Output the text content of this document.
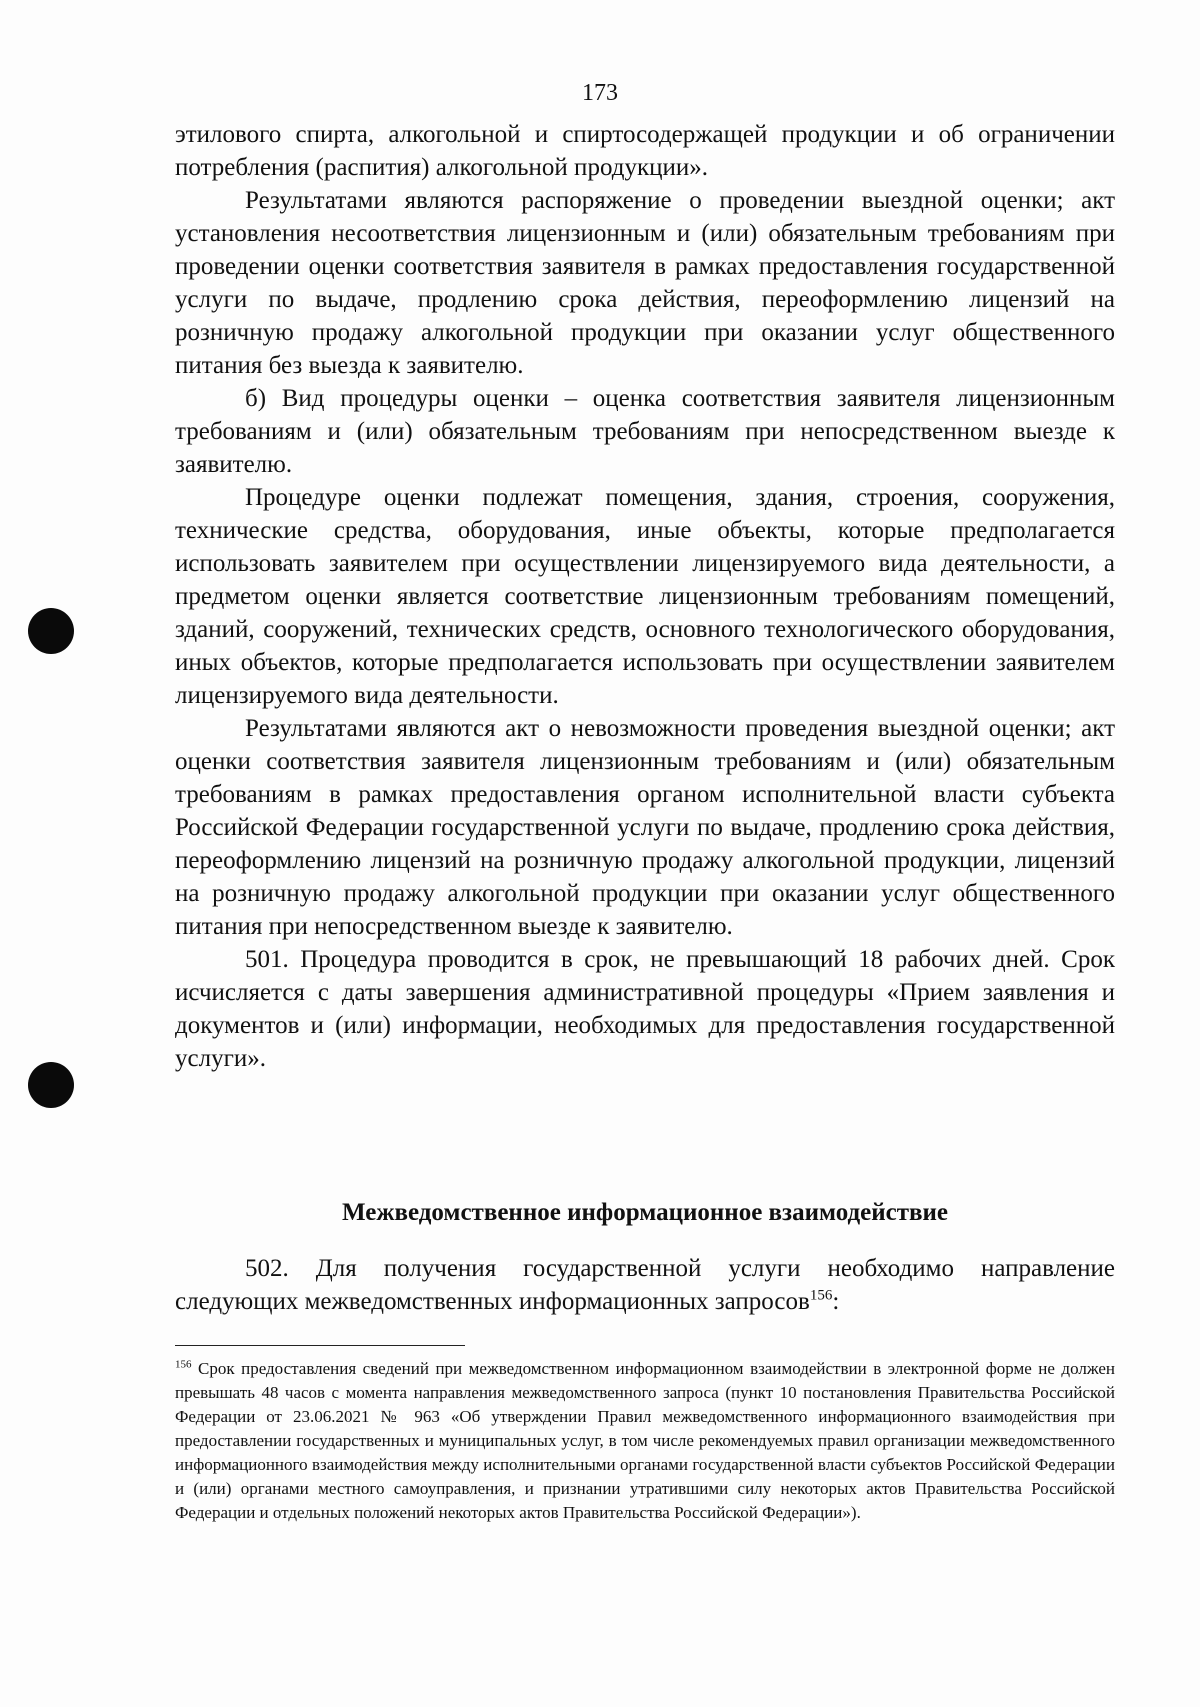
173

этилового спирта, алкогольной и спиртосодержащей продукции и об ограничении потребления (распития) алкогольной продукции».

Результатами являются распоряжение о проведении выездной оценки; акт установления несоответствия лицензионным и (или) обязательным требованиям при проведении оценки соответствия заявителя в рамках предоставления государственной услуги по выдаче, продлению срока действия, переоформлению лицензий на розничную продажу алкогольной продукции при оказании услуг общественного питания без выезда к заявителю.

б) Вид процедуры оценки – оценка соответствия заявителя лицензионным требованиям и (или) обязательным требованиям при непосредственном выезде к заявителю.

Процедуре оценки подлежат помещения, здания, строения, сооружения, технические средства, оборудования, иные объекты, которые предполагается использовать заявителем при осуществлении лицензируемого вида деятельности, а предметом оценки является соответствие лицензионным требованиям помещений, зданий, сооружений, технических средств, основного технологического оборудования, иных объектов, которые предполагается использовать при осуществлении заявителем лицензируемого вида деятельности.

Результатами являются акт о невозможности проведения выездной оценки; акт оценки соответствия заявителя лицензионным требованиям и (или) обязательным требованиям в рамках предоставления органом исполнительной власти субъекта Российской Федерации государственной услуги по выдаче, продлению срока действия, переоформлению лицензий на розничную продажу алкогольной продукции, лицензий на розничную продажу алкогольной продукции при оказании услуг общественного питания при непосредственном выезде к заявителю.

501. Процедура проводится в срок, не превышающий 18 рабочих дней. Срок исчисляется с даты завершения административной процедуры «Прием заявления и документов и (или) информации, необходимых для предоставления государственной услуги».

Межведомственное информационное взаимодействие

502. Для получения государственной услуги необходимо направление следующих межведомственных информационных запросов$^{156}$:

$^{156}$ Срок предоставления сведений при межведомственном информационном взаимодействии в электронной форме не должен превышать 48 часов с момента направления межведомственного запроса (пункт 10 постановления Правительства Российской Федерации от 23.06.2021 № 963 «Об утверждении Правил межведомственного информационного взаимодействия при предоставлении государственных и муниципальных услуг, в том числе рекомендуемых правил организации межведомственного информационного взаимодействия между исполнительными органами государственной власти субъектов Российской Федерации и (или) органами местного самоуправления, и признании утратившими силу некоторых актов Правительства Российской Федерации и отдельных положений некоторых актов Правительства Российской Федерации»).
